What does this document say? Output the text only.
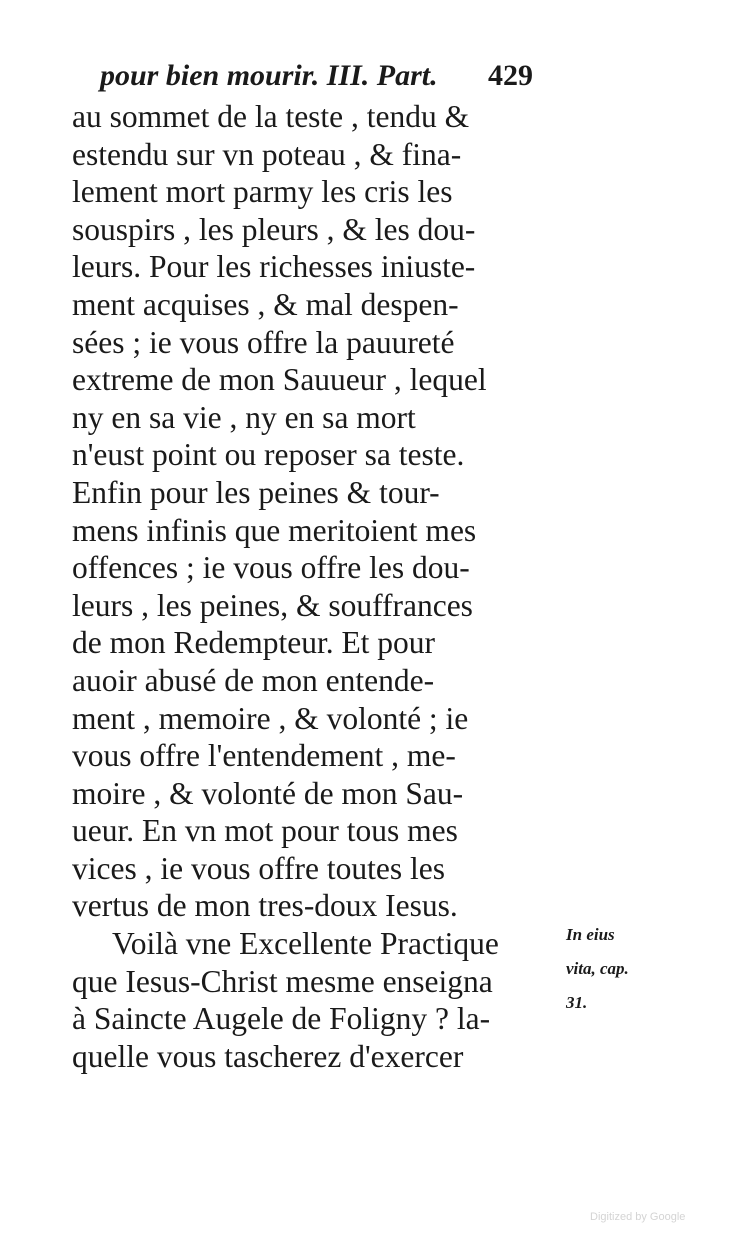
pour bien mourir. III. Part. 429
au sommet de la teste , tendu &
estendu sur vn poteau , & fina-
lement mort parmy les cris les
souspirs , les pleurs , & les dou-
leurs. Pour les richesses iniuste-
ment acquises , & mal despen-
sées ; ie vous offre la pauureté
extreme de mon Sauueur , lequel
ny en sa vie , ny en sa mort
n'eust point ou reposer sa teste.
Enfin pour les peines & tour-
mens infinis que meritoient mes
offences ; ie vous offre les dou-
leurs , les peines, & souffrances
de mon Redempteur. Et pour
auoir abusé de mon entende-
ment , memoire , & volonté ; ie
vous offre l'entendement , me-
moire , & volonté de mon Sau-
ueur. En vn mot pour tous mes
vices , ie vous offre toutes les
vertus de mon tres-doux Iesus.
Voilà vne Excellente Practique
que Iesus-Christ mesme enseigna
à Saincte Augele de Foligny ? la-
quelle vous tascherez d'exercer
In eius
vita, cap.
31.
Digitized by Google
